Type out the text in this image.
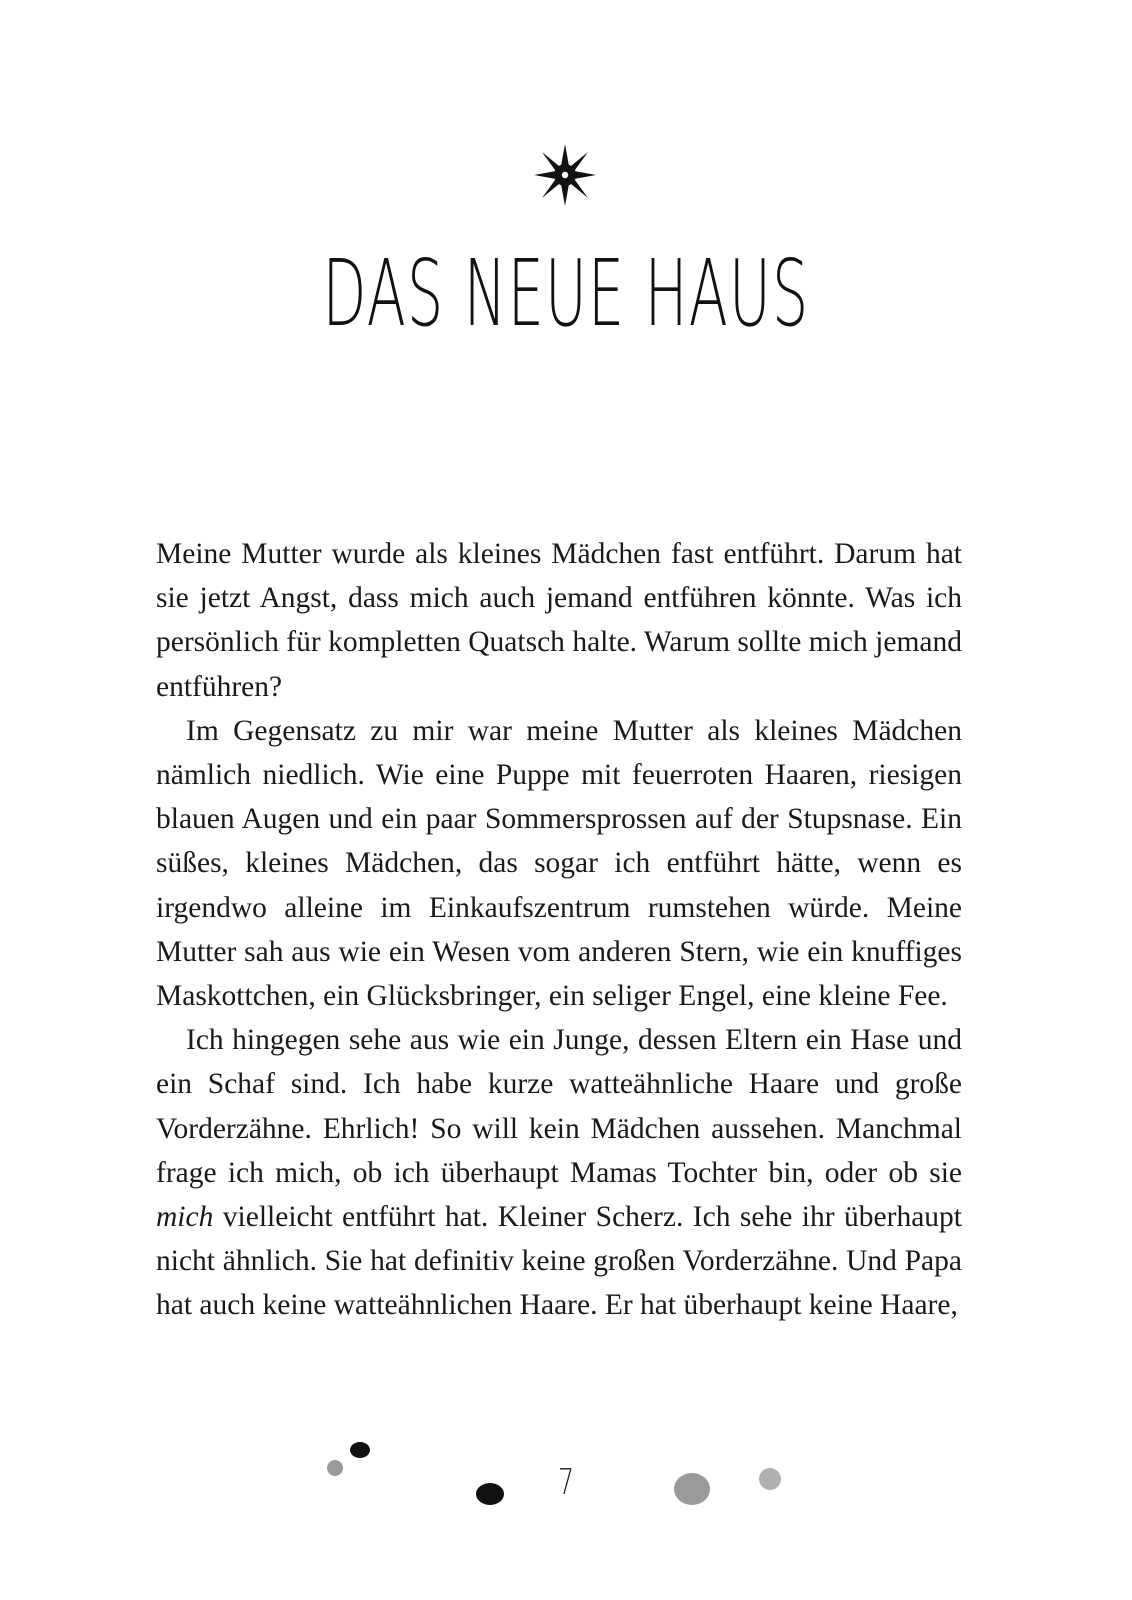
DAS NEUE HAUS

Meine Mutter wurde als kleines Mädchen fast entführt. Darum hat sie jetzt Angst, dass mich auch jemand entführen könnte. Was ich persönlich für kompletten Quatsch halte. Warum sollte mich jemand entführen?

Im Gegensatz zu mir war meine Mutter als kleines Mädchen nämlich niedlich. Wie eine Puppe mit feuerroten Haaren, riesigen blauen Augen und ein paar Sommersprossen auf der Stupsnase. Ein süßes, kleines Mädchen, das sogar ich entführt hätte, wenn es irgendwo alleine im Einkaufszentrum rumstehen würde. Meine Mutter sah aus wie ein Wesen vom anderen Stern, wie ein knuffiges Maskottchen, ein Glücksbringer, ein seliger Engel, eine kleine Fee.

Ich hingegen sehe aus wie ein Junge, dessen Eltern ein Hase und ein Schaf sind. Ich habe kurze watteähnliche Haare und große Vorderzähne. Ehrlich! So will kein Mädchen aussehen. Manchmal frage ich mich, ob ich überhaupt Mamas Tochter bin, oder ob sie mich vielleicht entführt hat. Kleiner Scherz. Ich sehe ihr überhaupt nicht ähnlich. Sie hat definitiv keine großen Vorderzähne. Und Papa hat auch keine watteähnlichen Haare. Er hat überhaupt keine Haare,

7
